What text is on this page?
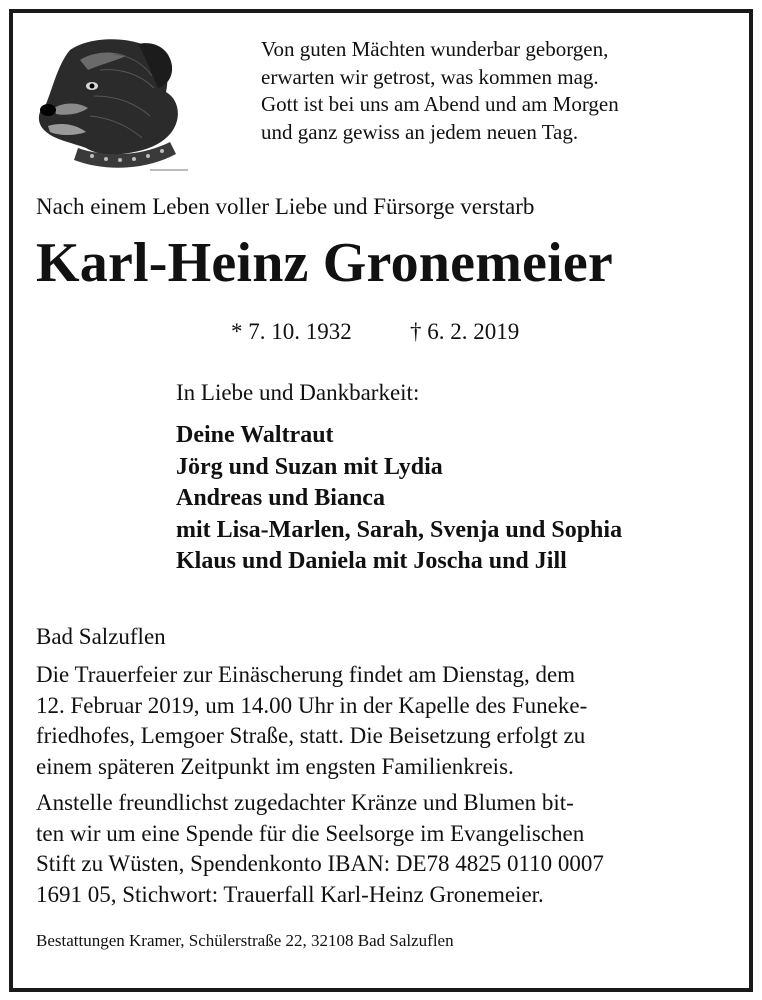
Von guten Mächten wunderbar geborgen,
erwarten wir getrost, was kommen mag.
Gott ist bei uns am Abend und am Morgen
und ganz gewiss an jedem neuen Tag.
Nach einem Leben voller Liebe und Fürsorge verstarb
Karl-Heinz Gronemeier
* 7. 10. 1932	† 6. 2. 2019
In Liebe und Dankbarkeit:
Deine Waltraut
Jörg und Suzan mit Lydia
Andreas und Bianca
mit Lisa-Marlen, Sarah, Svenja und Sophia
Klaus und Daniela mit Joscha und Jill
Bad Salzuflen
Die Trauerfeier zur Einäscherung findet am Dienstag, dem
12. Februar 2019, um 14.00 Uhr in der Kapelle des Funeke-
friedhofes, Lemgoer Straße, statt. Die Beisetzung erfolgt zu
einem späteren Zeitpunkt im engsten Familienkreis.
Anstelle freundlichst zugedachter Kränze und Blumen bit-
ten wir um eine Spende für die Seelsorge im Evangelischen
Stift zu Wüsten, Spendenkonto IBAN: DE78 4825 0110 0007
1691 05, Stichwort: Trauerfall Karl-Heinz Gronemeier.
Bestattungen Kramer, Schülerstraße 22, 32108 Bad Salzuflen
